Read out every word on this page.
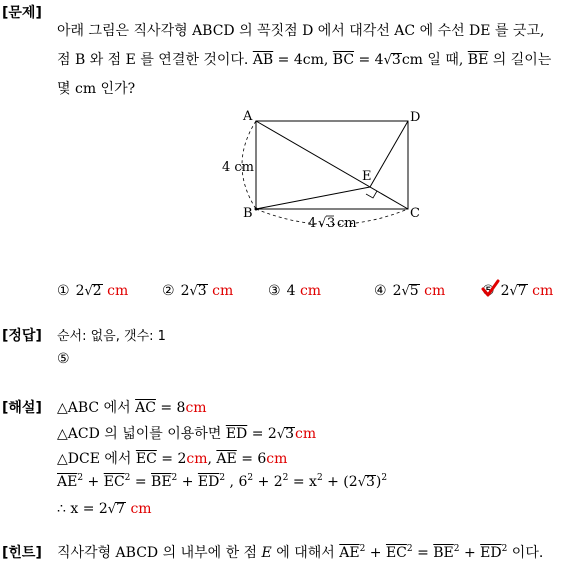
[문제]
아래 그림은 직사각형 ABCD 의 꼭짓점 D 에서 대각선 AC 에 수선 DE 를 긋고,
점 B 와 점 E 를 연결한 것이다. $\overline{AB} = 4cm$, $\overline{BC} = 4√3cm$ 일 때, $\overline{BE}$ 의 길이는
몇 cm 인가?
A
B	C
D
E
4 cm
4 √ 3 cm
① 2√2 cm ② 2√3 cm ③ 4 cm	④ 2√5 cm	⑤ 2√7 cm
[정답] 순서: 없음, 갯수: 1
⑤
[해설] △ABC 에서 $\overline{AC} = 8cm$
△ACD 의 넓이를 이용하면 $\overline{ED} = 2√3cm$
△DCE 에서 $\overline{EC} = 2cm$, $\overline{AE} = 6cm$
$\overline{AE}^2 + \overline{EC}^2 = \overline{BE}^2 + \overline{ED}^2$ , $6^2 + 2^2 = x^2 + (2√3)^2$
∴ x = 2√7 cm
[힌트] 직사각형 ABCD 의 내부에 한 점 E 에 대해서 $\overline{AE}^2 + \overline{EC}^2 = \overline{BE}^2 + \overline{ED}^2$ 이다.
